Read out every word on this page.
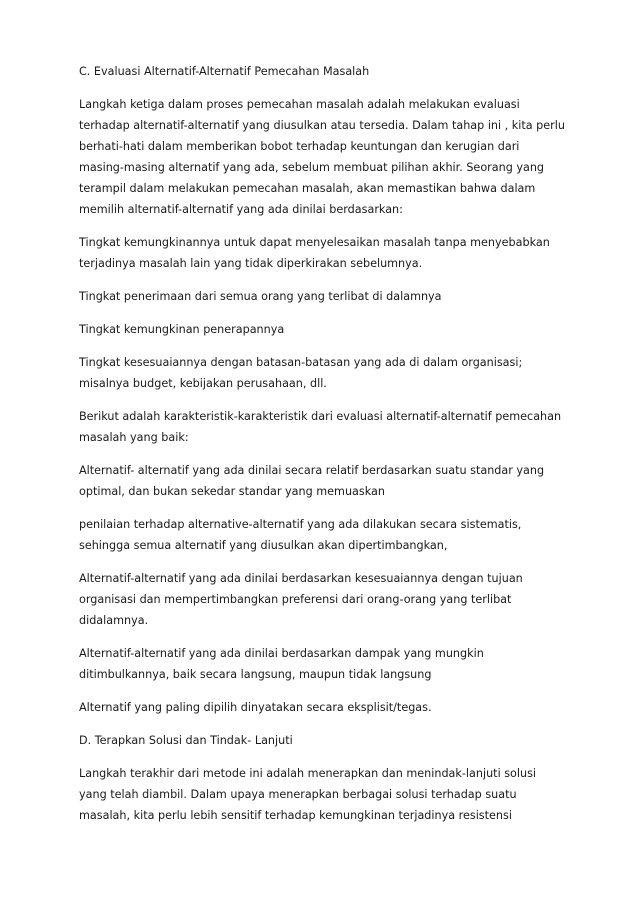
C. Evaluasi Alternatif-Alternatif Pemecahan Masalah

Langkah ketiga dalam proses pemecahan masalah adalah melakukan evaluasi terhadap alternatif-alternatif yang diusulkan atau tersedia. Dalam tahap ini , kita perlu berhati-hati dalam memberikan bobot terhadap keuntungan dan kerugian dari masing-masing alternatif yang ada, sebelum membuat pilihan akhir. Seorang yang terampil dalam melakukan pemecahan masalah, akan memastikan bahwa dalam memilih alternatif-alternatif yang ada dinilai berdasarkan:

Tingkat kemungkinannya untuk dapat menyelesaikan masalah tanpa menyebabkan terjadinya masalah lain yang tidak diperkirakan sebelumnya.

Tingkat penerimaan dari semua orang yang terlibat di dalamnya

Tingkat kemungkinan penerapannya

Tingkat kesesuaiannya dengan batasan-batasan yang ada di dalam organisasi; misalnya budget, kebijakan perusahaan, dll.

Berikut adalah karakteristik-karakteristik dari evaluasi alternatif-alternatif pemecahan masalah yang baik:

Alternatif- alternatif yang ada dinilai secara relatif berdasarkan suatu standar yang optimal, dan bukan sekedar standar yang memuaskan

penilaian terhadap alternative-alternatif yang ada dilakukan secara sistematis, sehingga semua alternatif yang diusulkan akan dipertimbangkan,

Alternatif-alternatif yang ada dinilai berdasarkan kesesuaiannya dengan tujuan organisasi dan mempertimbangkan preferensi dari orang-orang yang terlibat didalamnya.

Alternatif-alternatif yang ada dinilai berdasarkan dampak yang mungkin ditimbulkannya, baik secara langsung, maupun tidak langsung

Alternatif yang paling dipilih dinyatakan secara eksplisit/tegas.

D. Terapkan Solusi dan Tindak- Lanjuti

Langkah terakhir dari metode ini adalah menerapkan dan menindak-lanjuti solusi yang telah diambil. Dalam upaya menerapkan berbagai solusi terhadap suatu masalah, kita perlu lebih sensitif terhadap kemungkinan terjadinya resistensi
